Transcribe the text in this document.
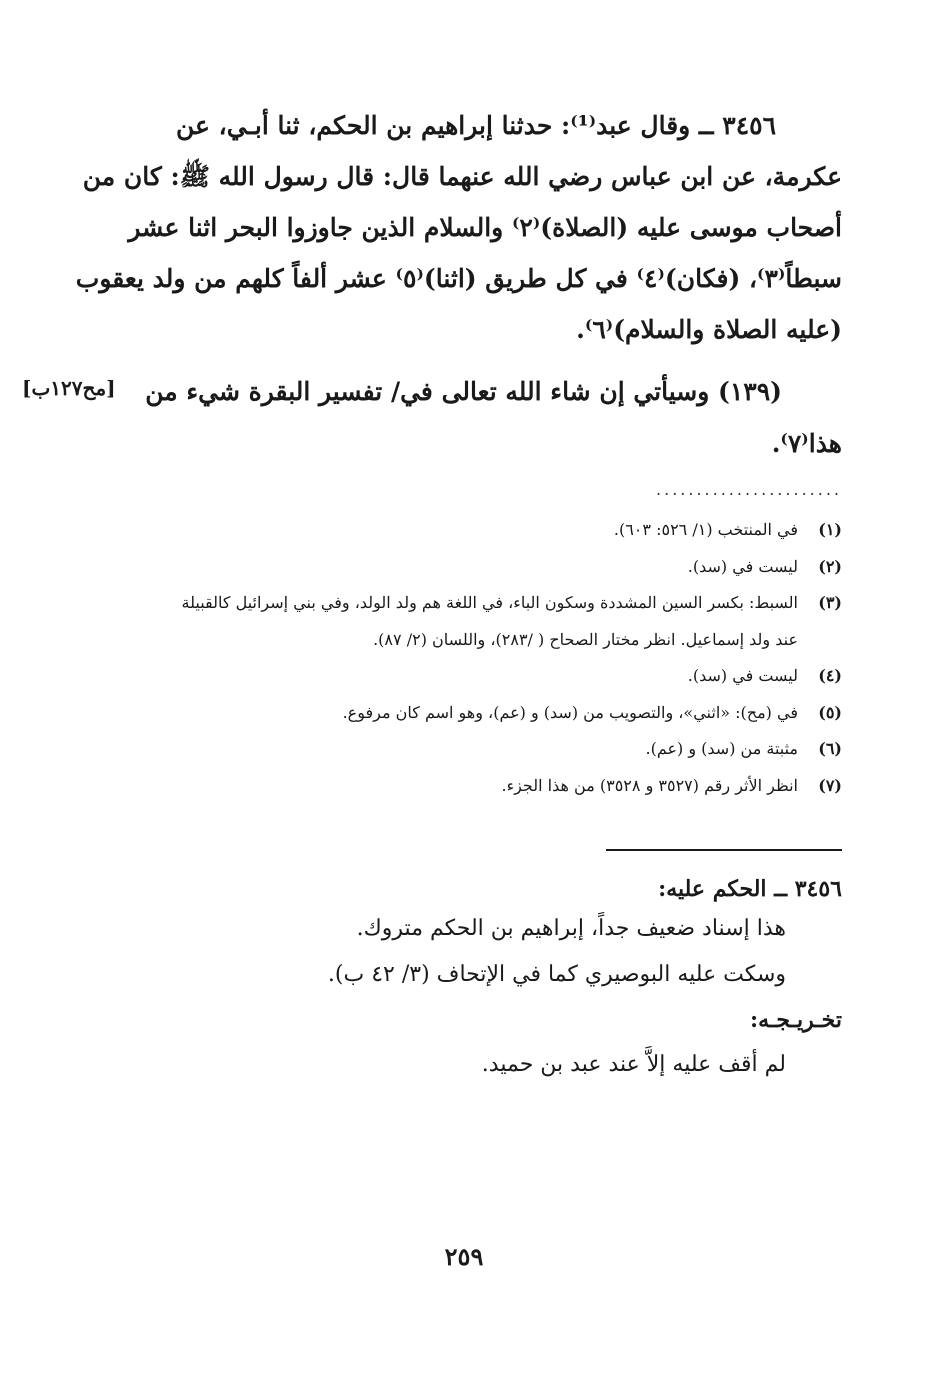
٣٤٥٦ ــ وقال عبد⁽¹⁾: حدثنا إبراهيم بن الحكم، ثنا أبـي، عن
عكرمة، عن ابن عباس رضي الله عنهما قال: قال رسول الله ﷺ: كان من
أصحاب موسى عليه (الصلاة)⁽٢⁾ والسلام الذين جاوزوا البحر اثنا عشر
سبطاً⁽٣⁾، (فكان)⁽٤⁾ في كل طريق (اثنا)⁽٥⁾ عشر ألفاً كلهم من ولد يعقوب
(عليه الصلاة والسلام)⁽٦⁾.
(١٣٩) وسيأتي إن شاء الله تعالى في/ تفسير البقرة شيء من
هذا⁽٧⁾.
[مح١٢٧ب]
.......................
(١)
في المنتخب (١/ ٥٢٦: ٦٠٣).
(٢)
ليست في (سد).
(٣)
السبط: بكسر السين المشددة وسكون الباء، في اللغة هم ولد الولد، وفي بني إسرائيل كالقبيلة
عند ولد إسماعيل. انظر مختار الصحاح ( /٢٨٣)، واللسان (٢/ ٨٧).
(٤)
ليست في (سد).
(٥)
في (مح): «اثني»، والتصويب من (سد) و (عم)، وهو اسم كان مرفوع.
(٦)
مثبتة من (سد) و (عم).
(٧)
انظر الأثر رقم (٣٥٢٧ و ٣٥٢٨) من هذا الجزء.
٣٤٥٦ ــ الحكم عليه:
هذا إسناد ضعيف جداً، إبراهيم بن الحكم متروك.
وسكت عليه البوصيري كما في الإتحاف (٣/ ٤٢ ب).
تخـريـجـه:
لم أقف عليه إلاَّ عند عبد بن حميد.
٢٥٩
